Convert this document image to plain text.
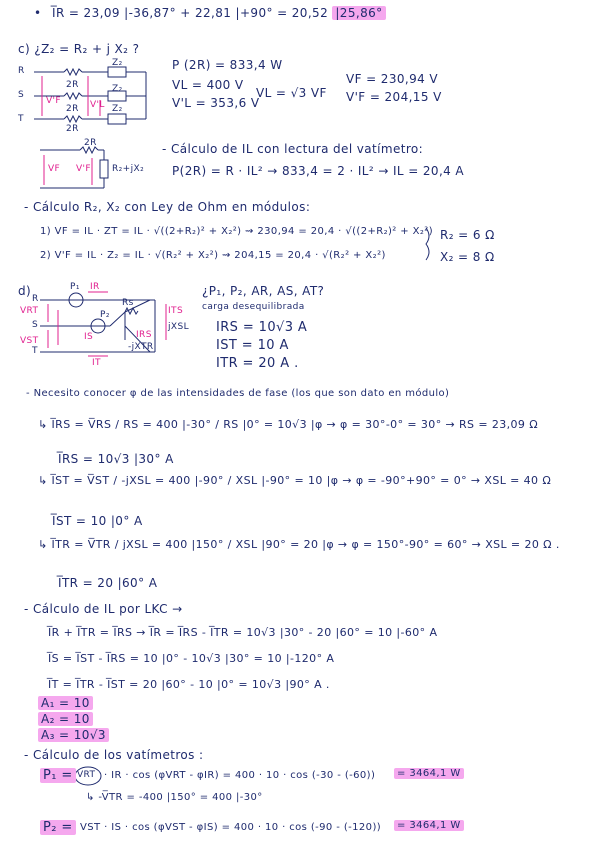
• I̅R = 23,09 |-36,87° + 22,81 |+90° = 20,52 |25,86°
c) ¿Z₂ = R₂ + j X₂ ?
R
S
T
2R
2R
2R
Z₂
Z₂
Z₂
V'F	V'L
P (2R) = 833,4 W
VL = 400 V
V'L = 353,6 V
VL = √3 VF
VF = 230,94 V
V'F = 204,15 V
- Cálculo de IL con lectura del vatímetro:
2R
R₂+jX₂
VF V'F	P(2R) = R · IL² → 833,4 = 2 · IL² → IL = 20,4 A
- Cálculo R₂, X₂ con Ley de Ohm en módulos:
1) VF = IL · ZT = IL · √((2+R₂)² + X₂²) ⇝ 230,94 = 20,4 · √((2+R₂)² + X₂²)
2) V'F = IL · Z₂ = IL · √(R₂² + X₂²) ⇝ 204,15 = 20,4 · √(R₂² + X₂²)
R₂ = 6 Ω
X₂ = 8 Ω
d)
R
S
T
P₁
P₂
IR
IS
IT
IRS
ITS
Rs
jXSL
-jXTR
VRT
VST
¿P₁, P₂, AR, AS, AT?
carga desequilibrada
IRS = 10√3 A
IST = 10 A
ITR = 20 A .
- Necesito conocer φ de las intensidades de fase (los que son dato en módulo)
↳ I̅RS = V̅RS / RS = 400 |-30° / RS |0° = 10√3 |φ → φ = 30°-0° = 30° → RS = 23,09 Ω
I̅RS = 10√3 |30° A
↳ I̅ST = V̅ST / -jXSL = 400 |-90° / XSL |-90° = 10 |φ → φ = -90°+90° = 0° → XSL = 40 Ω
I̅ST = 10 |0° A
↳ I̅TR = V̅TR / jXSL = 400 |150° / XSL |90° = 20 |φ → φ = 150°-90° = 60° → XSL = 20 Ω .
I̅TR = 20 |60° A
- Cálculo de IL por LKC →
I̅R + I̅TR = I̅RS → I̅R = I̅RS - I̅TR = 10√3 |30° - 20 |60° = 10 |-60° A
I̅S = I̅ST - I̅RS = 10 |0° - 10√3 |30° = 10 |-120° A
I̅T = I̅TR - I̅ST = 20 |60° - 10 |0° = 10√3 |90° A .
A₁ = 10
A₂ = 10
A₃ = 10√3
- Cálculo de los vatímetros :
P₁ = VRT · IR · cos (φVRT - φIR) = 400 · 10 · cos (-30 - (-60))	= 3464,1 W
↳ -V̅TR = -400 |150° = 400 |-30°
P₂ = VST · IS · cos (φVST - φIS) = 400 · 10 · cos (-90 - (-120))	= 3464,1 W
